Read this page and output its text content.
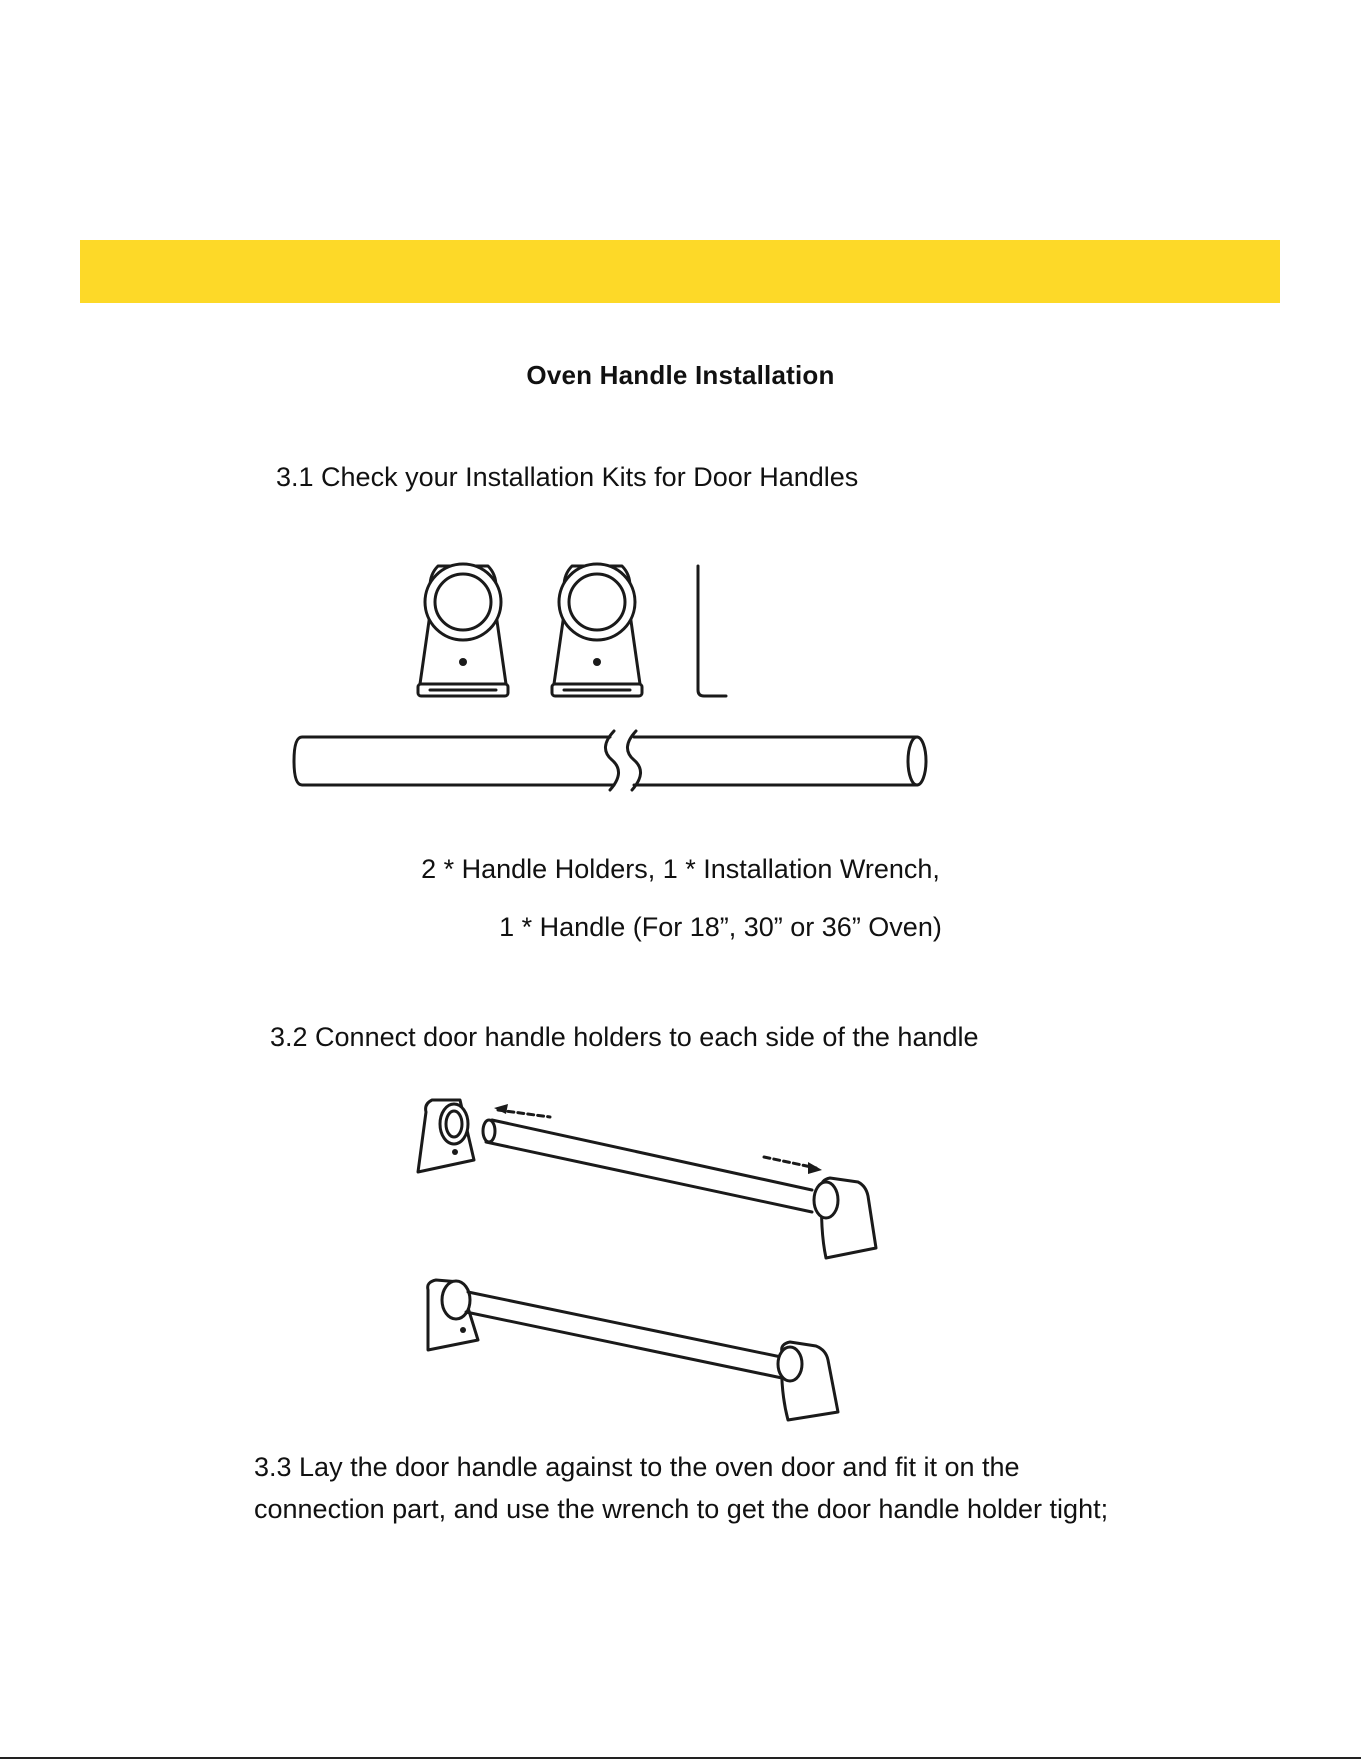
Oven Handle Installation
3.1 Check your Installation Kits for Door Handles
2 * Handle Holders, 1 * Installation Wrench,
1 * Handle (For 18”, 30” or 36” Oven)
3.2 Connect door handle holders to each side of the handle
3.3 Lay the door handle against to the oven door and fit it on the connection part, and use the wrench to get the door handle holder tight;
